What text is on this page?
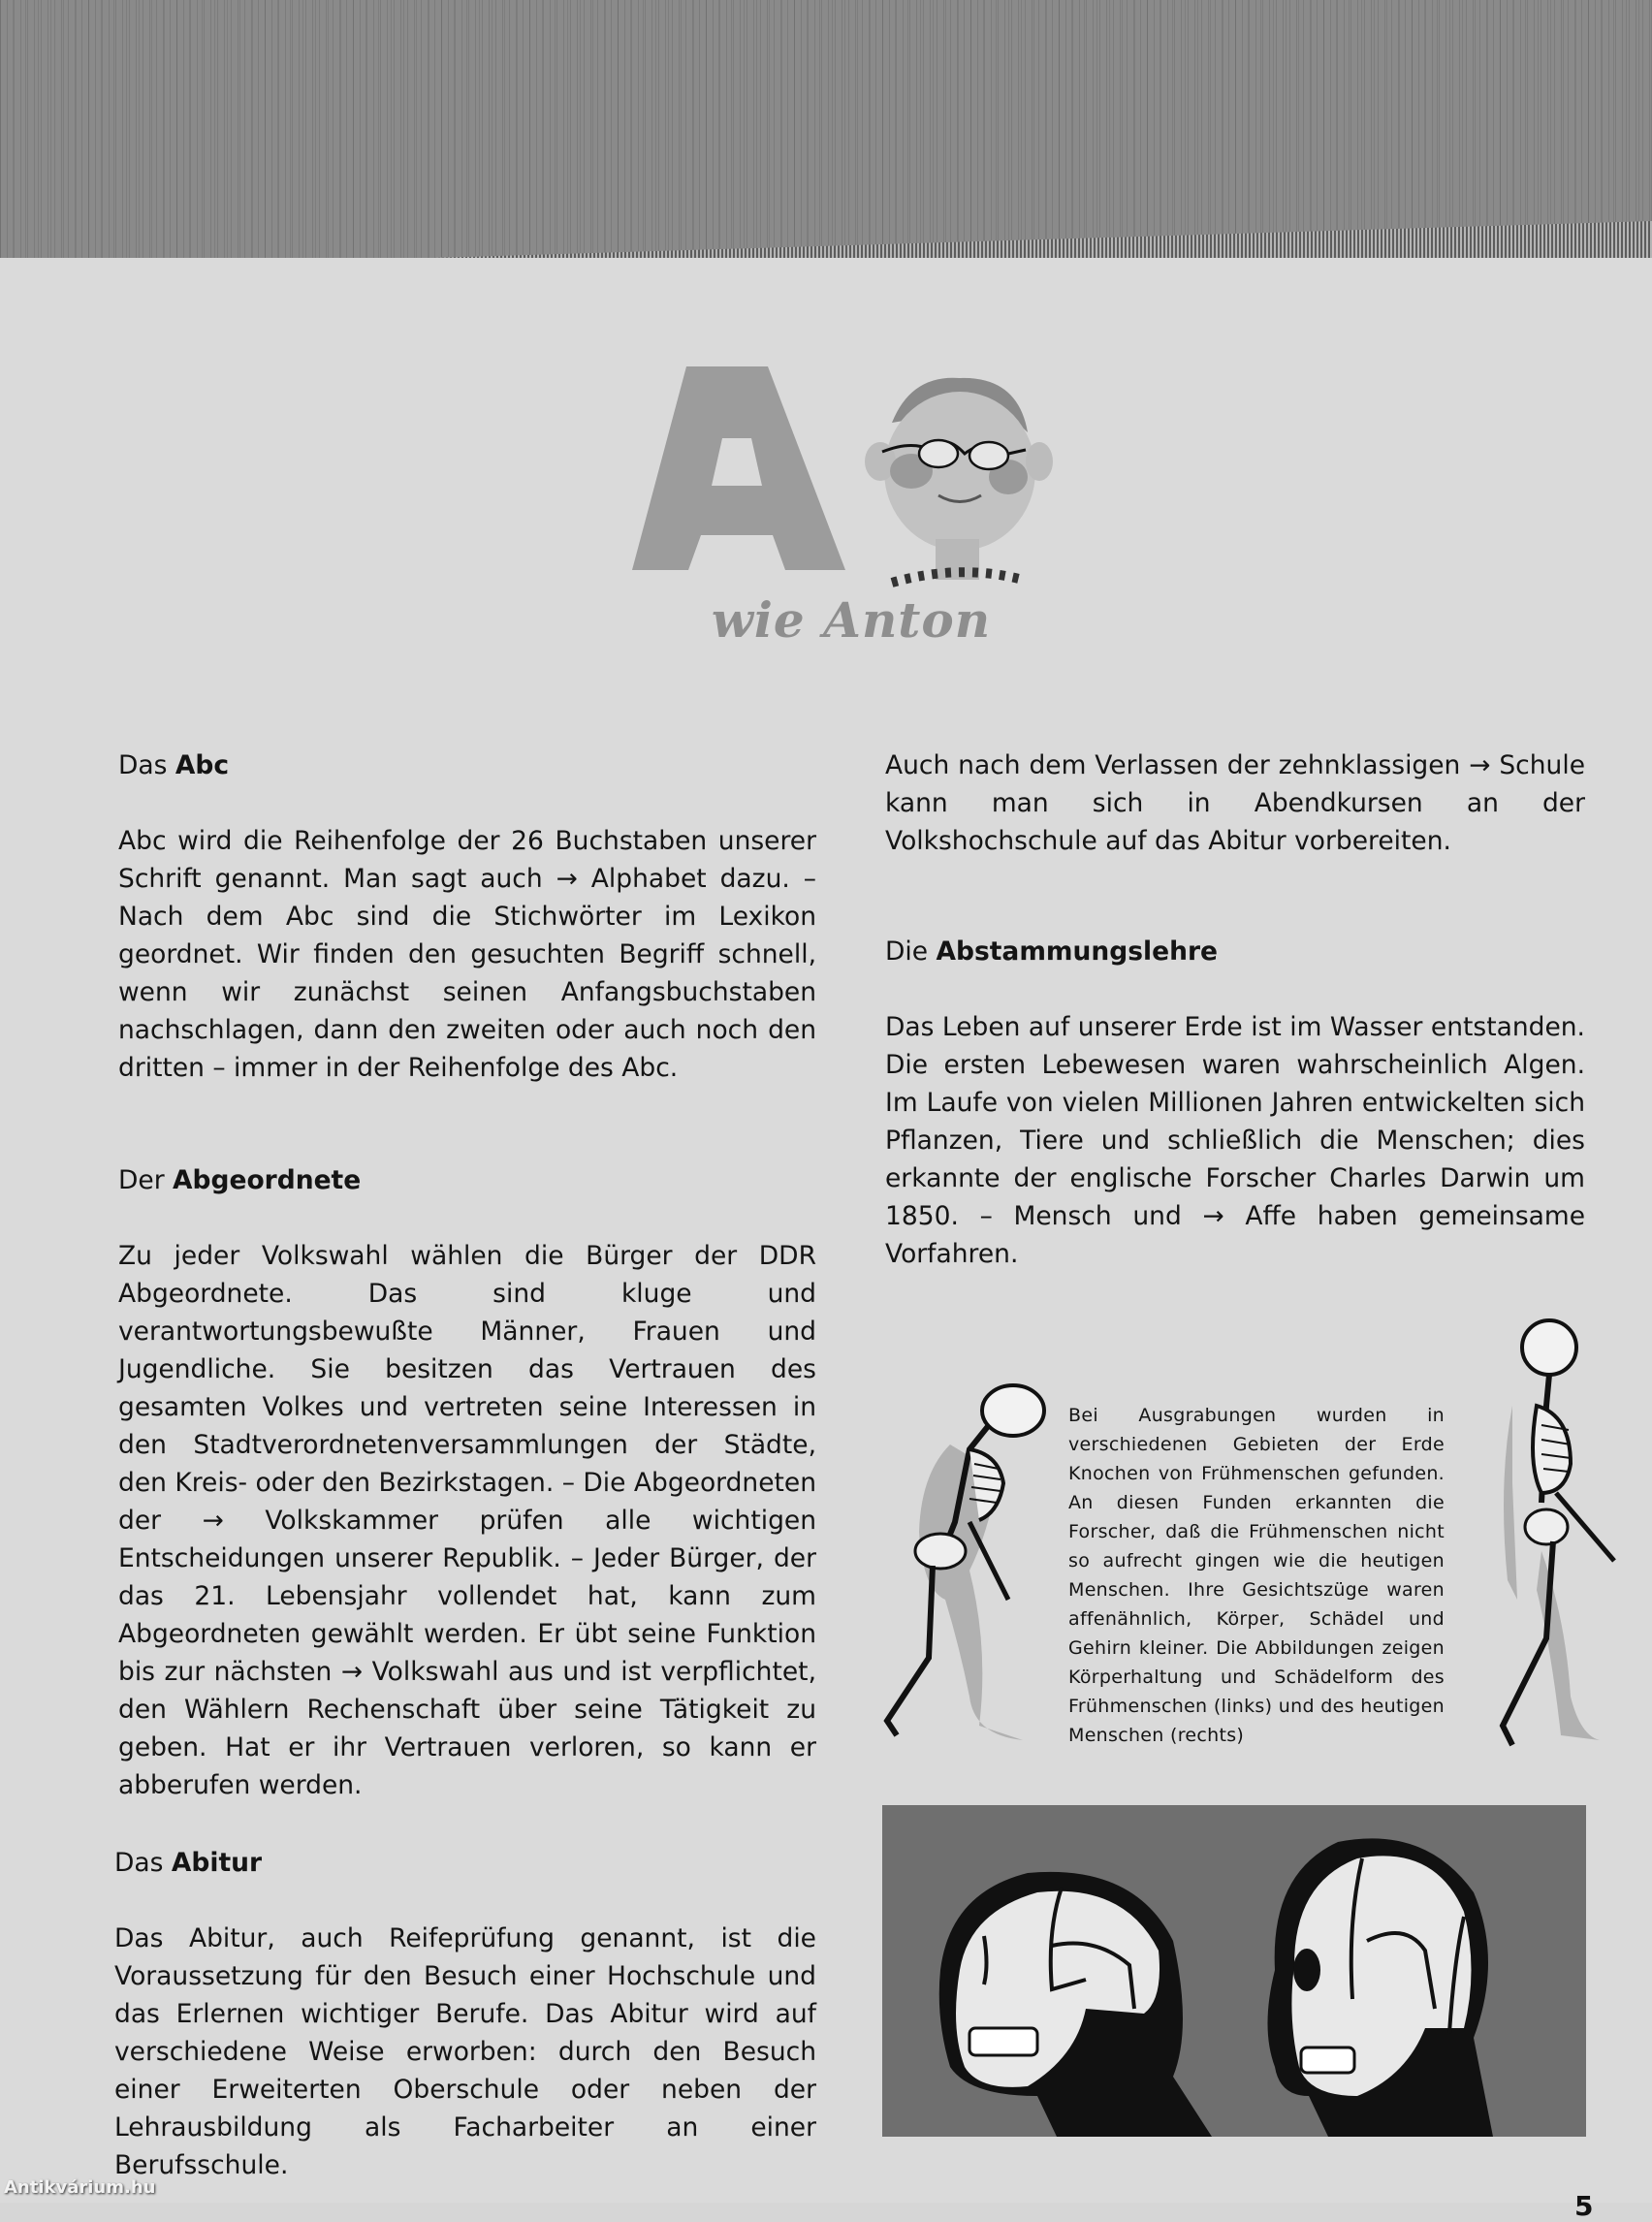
wie Anton
Das Abc

Abc wird die Reihenfolge der 26 Buchstaben unserer Schrift genannt. Man sagt auch → Alphabet dazu. – Nach dem Abc sind die Stichwörter im Lexikon geordnet. Wir finden den gesuchten Begriff schnell, wenn wir zunächst seinen Anfangsbuchstaben nachschlagen, dann den zweiten oder auch noch den dritten – immer in der Reihenfolge des Abc.

Der Abgeordnete

Zu jeder Volkswahl wählen die Bürger der DDR Abgeordnete. Das sind kluge und verantwortungsbewußte Männer, Frauen und Jugendliche. Sie besitzen das Vertrauen des gesamten Volkes und vertreten seine Interessen in den Stadtverordnetenversammlungen der Städte, den Kreis- oder den Bezirkstagen. – Die Abgeordneten der → Volkskammer prüfen alle wichtigen Entscheidungen unserer Republik. – Jeder Bürger, der das 21. Lebensjahr vollendet hat, kann zum Abgeordneten gewählt werden. Er übt seine Funktion bis zur nächsten → Volkswahl aus und ist verpflichtet, den Wählern Rechenschaft über seine Tätigkeit zu geben. Hat er ihr Vertrauen verloren, so kann er abberufen werden.

Das Abitur

Das Abitur, auch Reifeprüfung genannt, ist die Voraussetzung für den Besuch einer Hochschule und das Erlernen wichtiger Berufe. Das Abitur wird auf verschiedene Weise erworben: durch den Besuch einer Erweiterten Oberschule oder neben der Lehrausbildung als Facharbeiter an einer Berufsschule.

Auch nach dem Verlassen der zehnklassigen → Schule kann man sich in Abendkursen an der Volkshochschule auf das Abitur vorbereiten.

Die Abstammungslehre

Das Leben auf unserer Erde ist im Wasser entstanden. Die ersten Lebewesen waren wahrscheinlich Algen. Im Laufe von vielen Millionen Jahren entwickelten sich Pflanzen, Tiere und schließlich die Menschen; dies erkannte der englische Forscher Charles Darwin um 1850. – Mensch und → Affe haben gemeinsame Vorfahren.

Bei Ausgrabungen wurden in verschiedenen Gebieten der Erde Knochen von Frühmenschen gefunden. An diesen Funden erkannten die Forscher, daß die Frühmenschen nicht so aufrecht gingen wie die heutigen Menschen. Ihre Gesichtszüge waren affenähnlich, Körper, Schädel und Gehirn kleiner. Die Abbildungen zeigen Körperhaltung und Schädelform des Frühmenschen (links) und des heutigen Menschen (rechts)

Antikvárium.hu
5
